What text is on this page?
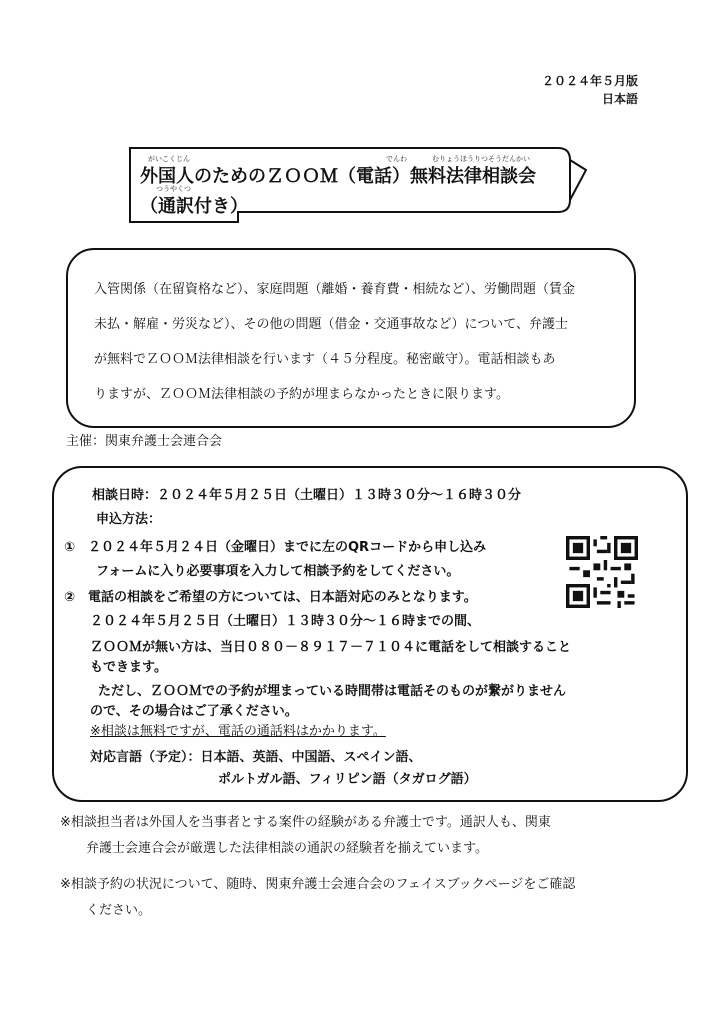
２０２４年５月版
日本語
外国人のためのＺＯＯＭ（電話）無料法律相談会
（通訳付き）
がいこくじん	でんわ	むりょうほうりつそうだんかい
つうやくつ
入管関係（在留資格など）、家庭問題（離婚・養育費・相続など）、労働問題（賃金
未払・解雇・労災など）、その他の問題（借金・交通事故など）について、弁護士
が無料でＺＯＯＭ法律相談を行います（４５分程度。秘密厳守）。電話相談もあ
りますが、ＺＯＯＭ法律相談の予約が埋まらなかったときに限ります。
主催：関東弁護士会連合会
相談日時：２０２４年５月２５日（土曜日）１３時３０分～１６時３０分
申込方法：
①　２０２４年５月２４日（金曜日）までに左のQRコードから申し込み
フォームに入り必要事項を入力して相談予約をしてください。
②　電話の相談をご希望の方については、日本語対応のみとなります。
２０２４年５月２５日（土曜日）１３時３０分～１６時までの間、
ＺＯＯＭが無い方は、当日０８０－８９１７－７１０４に電話をして相談すること
もできます。
ただし、ＺＯＯＭでの予約が埋まっている時間帯は電話そのものが繋がりません
ので、その場合はご了承ください。
※相談は無料ですが、電話の通話料はかかります。
対応言語（予定）：日本語、英語、中国語、スペイン語、
ポルトガル語、フィリピン語（タガログ語）
※相談担当者は外国人を当事者とする案件の経験がある弁護士です。通訳人も、関東
弁護士会連合会が厳選した法律相談の通訳の経験者を揃えています。
※相談予約の状況について、随時、関東弁護士会連合会のフェイスブックページをご確認
ください。
